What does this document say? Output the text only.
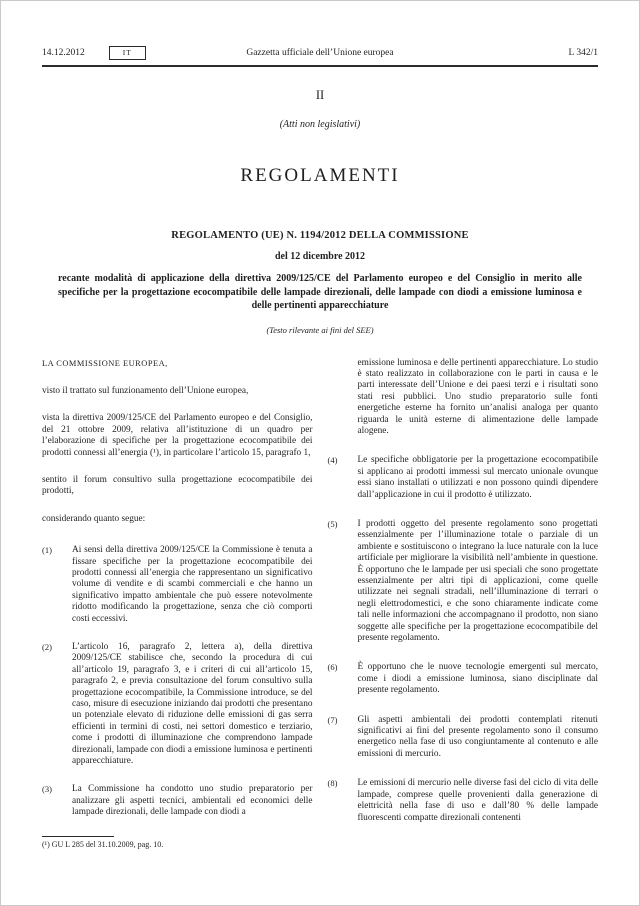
14.12.2012	IT	Gazzetta ufficiale dell’Unione europea	L 342/1
II
(Atti non legislativi)
REGOLAMENTI
REGOLAMENTO (UE) N. 1194/2012 DELLA COMMISSIONE
del 12 dicembre 2012
recante modalità di applicazione della direttiva 2009/125/CE del Parlamento europeo e del Consiglio in merito alle specifiche per la progettazione ecocompatibile delle lampade direzionali, delle lampade con diodi a emissione luminosa e delle pertinenti apparecchiature
(Testo rilevante ai fini del SEE)

LA COMMISSIONE EUROPEA,

visto il trattato sul funzionamento dell’Unione europea,

vista la direttiva 2009/125/CE del Parlamento europeo e del Consiglio, del 21 ottobre 2009, relativa all’istituzione di un quadro per l’elaborazione di specifiche per la progettazione ecocompatibile dei prodotti connessi all’energia (¹), in particolare l’articolo 15, paragrafo 1,

sentito il forum consultivo sulla progettazione ecocompatibile dei prodotti,

considerando quanto segue:

(1)	Ai sensi della direttiva 2009/125/CE la Commissione è tenuta a fissare specifiche per la progettazione ecocompatibile dei prodotti connessi all’energia che rappresentano un significativo volume di vendite e di scambi commerciali e che hanno un significativo impatto ambientale che può essere notevolmente ridotto modificando la progettazione, senza che ciò comporti costi eccessivi.
(2)	L’articolo 16, paragrafo 2, lettera a), della direttiva 2009/125/CE stabilisce che, secondo la procedura di cui all’articolo 19, paragrafo 3, e i criteri di cui all’articolo 15, paragrafo 2, e previa consultazione del forum consultivo sulla progettazione ecocompatibile, la Commissione introduce, se del caso, misure di esecuzione iniziando dai prodotti che presentano un potenziale elevato di riduzione delle emissioni di gas serra efficienti in termini di costi, nei settori domestico e terziario, come i prodotti di illuminazione che comprendono lampade direzionali, lampade con diodi a emissione luminosa e pertinenti apparecchiature.
(3)	La Commissione ha condotto uno studio preparatorio per analizzare gli aspetti tecnici, ambientali ed economici delle lampade direzionali, delle lampade con diodi a
(¹) GU L 285 del 31.10.2009, pag. 10.

emissione luminosa e delle pertinenti apparecchiature. Lo studio è stato realizzato in collaborazione con le parti in causa e le parti interessate dell’Unione e dei paesi terzi e i risultati sono stati resi pubblici. Uno studio preparatorio sulle fonti energetiche esterne ha fornito un’analisi analoga per quanto riguarda le unità esterne di alimentazione delle lampade alogene.

(4)	Le specifiche obbligatorie per la progettazione ecocompatibile si applicano ai prodotti immessi sul mercato unionale ovunque essi siano installati o utilizzati e non possono quindi dipendere dall’applicazione in cui il prodotto è utilizzato.
(5)	I prodotti oggetto del presente regolamento sono progettati essenzialmente per l’illuminazione totale o parziale di un ambiente e sostituiscono o integrano la luce naturale con la luce artificiale per migliorare la visibilità nell’ambiente in questione. È opportuno che le lampade per usi speciali che sono progettate essenzialmente per altri tipi di applicazioni, come quelle utilizzate nei segnali stradali, nell’illuminazione di terrari o negli elettrodomestici, e che sono chiaramente indicate come tali nelle informazioni che accompagnano il prodotto, non siano soggette alle specifiche per la progettazione ecocompatibile del presente regolamento.
(6)	È opportuno che le nuove tecnologie emergenti sul mercato, come i diodi a emissione luminosa, siano disciplinate dal presente regolamento.
(7)	Gli aspetti ambientali dei prodotti contemplati ritenuti significativi ai fini del presente regolamento sono il consumo energetico nella fase di uso congiuntamente al contenuto e alle emissioni di mercurio.
(8)	Le emissioni di mercurio nelle diverse fasi del ciclo di vita delle lampade, comprese quelle provenienti dalla generazione di elettricità nella fase di uso e dall’80 % delle lampade fluorescenti compatte direzionali contenenti
